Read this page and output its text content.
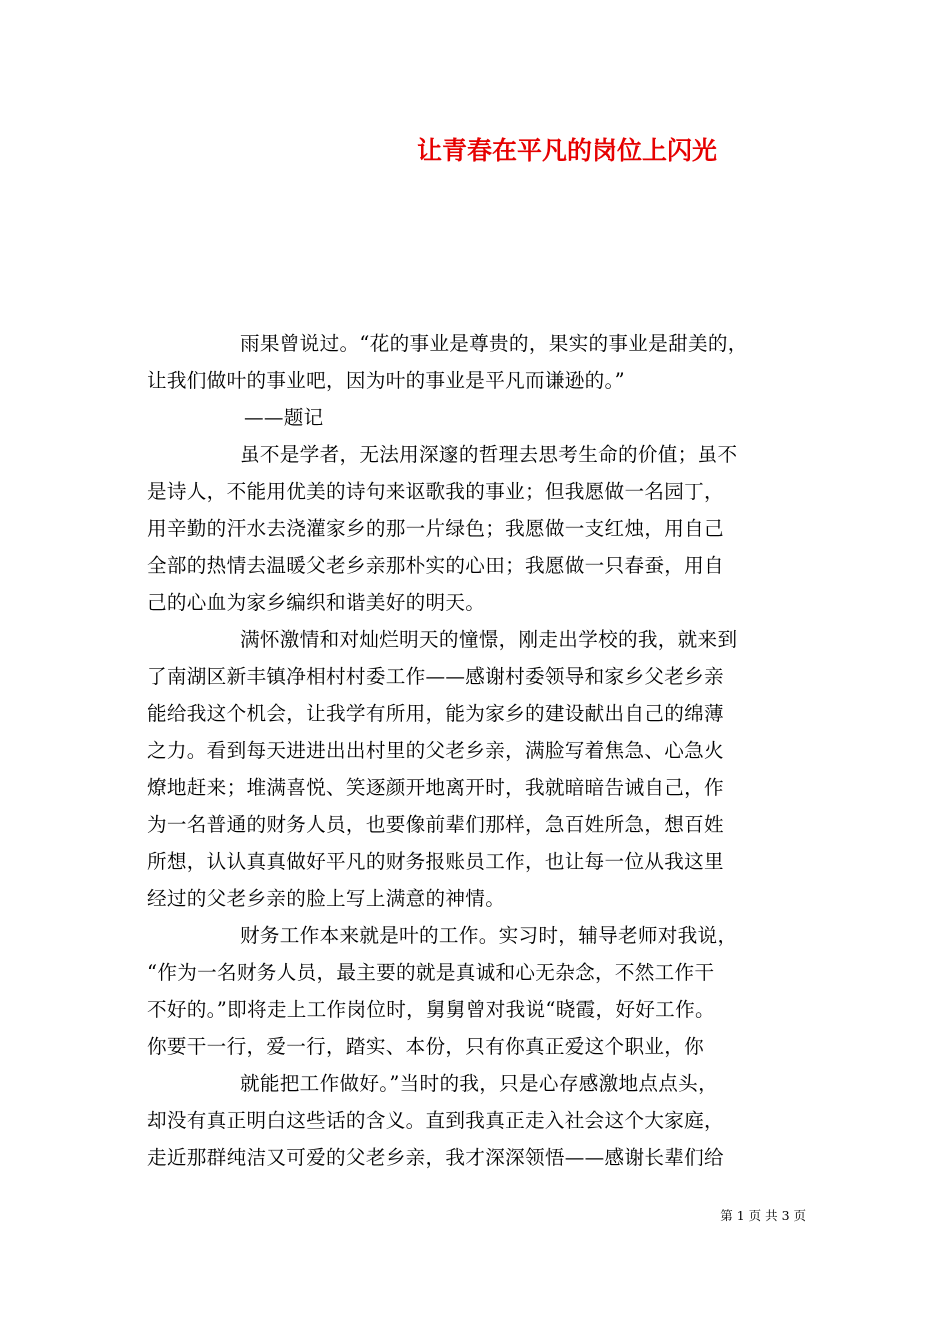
让青春在平凡的岗位上闪光
雨果曾说过。“花的事业是尊贵的，果实的事业是甜美的，
让我们做叶的事业吧，因为叶的事业是平凡而谦逊的。”
——题记
虽不是学者，无法用深邃的哲理去思考生命的价值；虽不
是诗人，不能用优美的诗句来讴歌我的事业；但我愿做一名园丁，
用辛勤的汗水去浇灌家乡的那一片绿色；我愿做一支红烛，用自己
全部的热情去温暖父老乡亲那朴实的心田；我愿做一只春蚕，用自
己的心血为家乡编织和谐美好的明天。
满怀激情和对灿烂明天的憧憬，刚走出学校的我，就来到
了南湖区新丰镇净相村村委工作——感谢村委领导和家乡父老乡亲
能给我这个机会，让我学有所用，能为家乡的建设献出自己的绵薄
之力。看到每天进进出出村里的父老乡亲，满脸写着焦急、心急火
燎地赶来；堆满喜悦、笑逐颜开地离开时，我就暗暗告诫自己，作
为一名普通的财务人员，也要像前辈们那样，急百姓所急，想百姓
所想，认认真真做好平凡的财务报账员工作，也让每一位从我这里
经过的父老乡亲的脸上写上满意的神情。
财务工作本来就是叶的工作。实习时，辅导老师对我说，
“作为一名财务人员，最主要的就是真诚和心无杂念，不然工作干
不好的。”即将走上工作岗位时，舅舅曾对我说“晓霞，好好工作。
你要干一行，爱一行，踏实、本份，只有你真正爱这个职业，你
就能把工作做好。”当时的我，只是心存感激地点点头，
却没有真正明白这些话的含义。直到我真正走入社会这个大家庭，
走近那群纯洁又可爱的父老乡亲，我才深深领悟——感谢长辈们给
第 1 页 共 3 页
